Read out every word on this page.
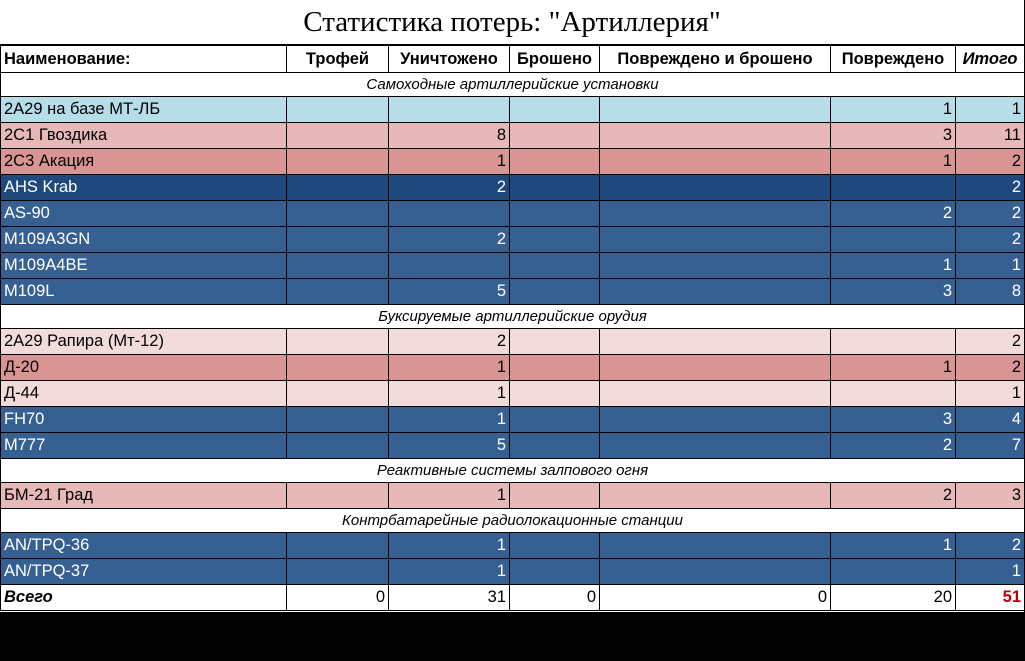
Статистика потерь: "Артиллерия"
Наименование:	Трофей	Уничтожено	Брошено	Повреждено и брошено	Повреждено	Итого
Самоходные артиллерийские установки						
2А29 на базе МТ-ЛБ					1	1
2С1 Гвоздика		8			3	11
2С3 Акация		1			1	2
AHS Krab		2				2
AS-90					2	2
M109A3GN		2				2
M109A4BE					1	1
M109L		5			3	8
Буксируемые артиллерийские орудия						
2А29 Рапира (Мт-12)		2				2
Д-20		1			1	2
Д-44		1				1
FH70		1			3	4
M777		5			2	7
Реактивные системы залпового огня						
БМ-21 Град		1			2	3
Контрбатарейные радиолокационные станции						
AN/TPQ-36		1			1	2
AN/TPQ-37		1				1
Всего	0	31	0	0	20	51
